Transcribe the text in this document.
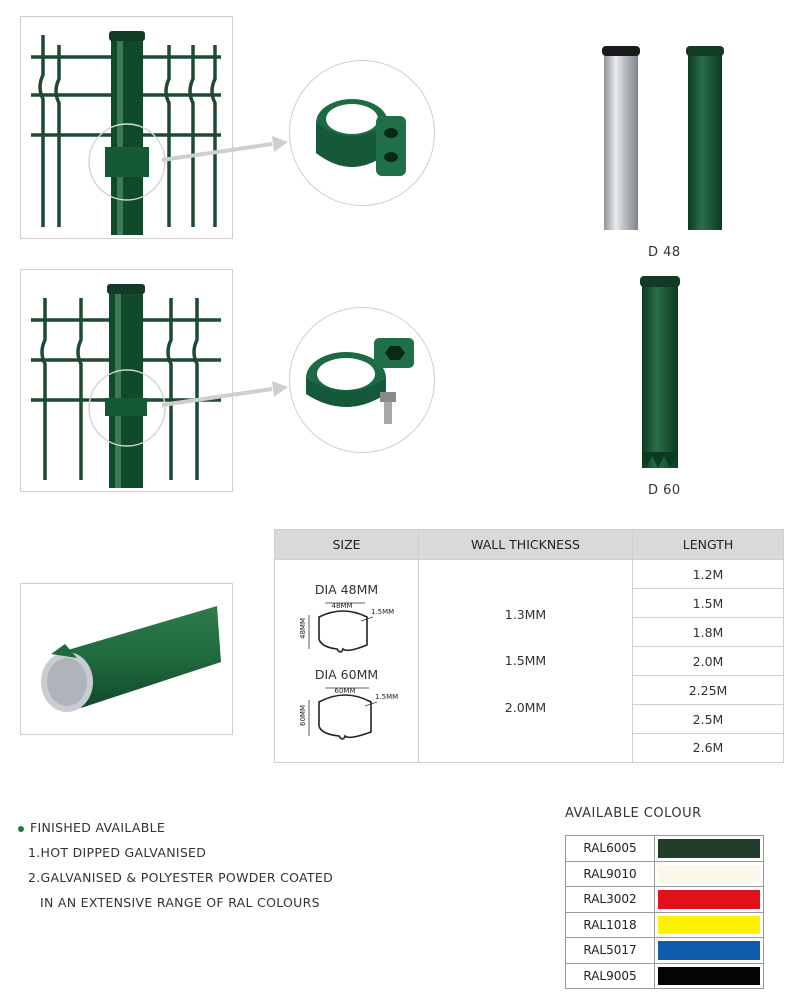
D 48
D 60
SIZE	WALL THICKNESS	LENGTH
DIA 48MM
48MM
48MM
1.5MM
DIA 60MM
60MM
60MM
1.5MM
1.3MM
1.5MM
2.0MM
1.2M
1.5M
1.8M
2.0M
2.25M
2.5M
2.6M
FINISHED AVAILABLE
1.HOT DIPPED GALVANISED
2.GALVANISED & POLYESTER POWDER COATED
IN AN EXTENSIVE RANGE OF RAL COLOURS
AVAILABLE COLOUR
RAL6005
RAL9010
RAL3002
RAL1018
RAL5017
RAL9005
